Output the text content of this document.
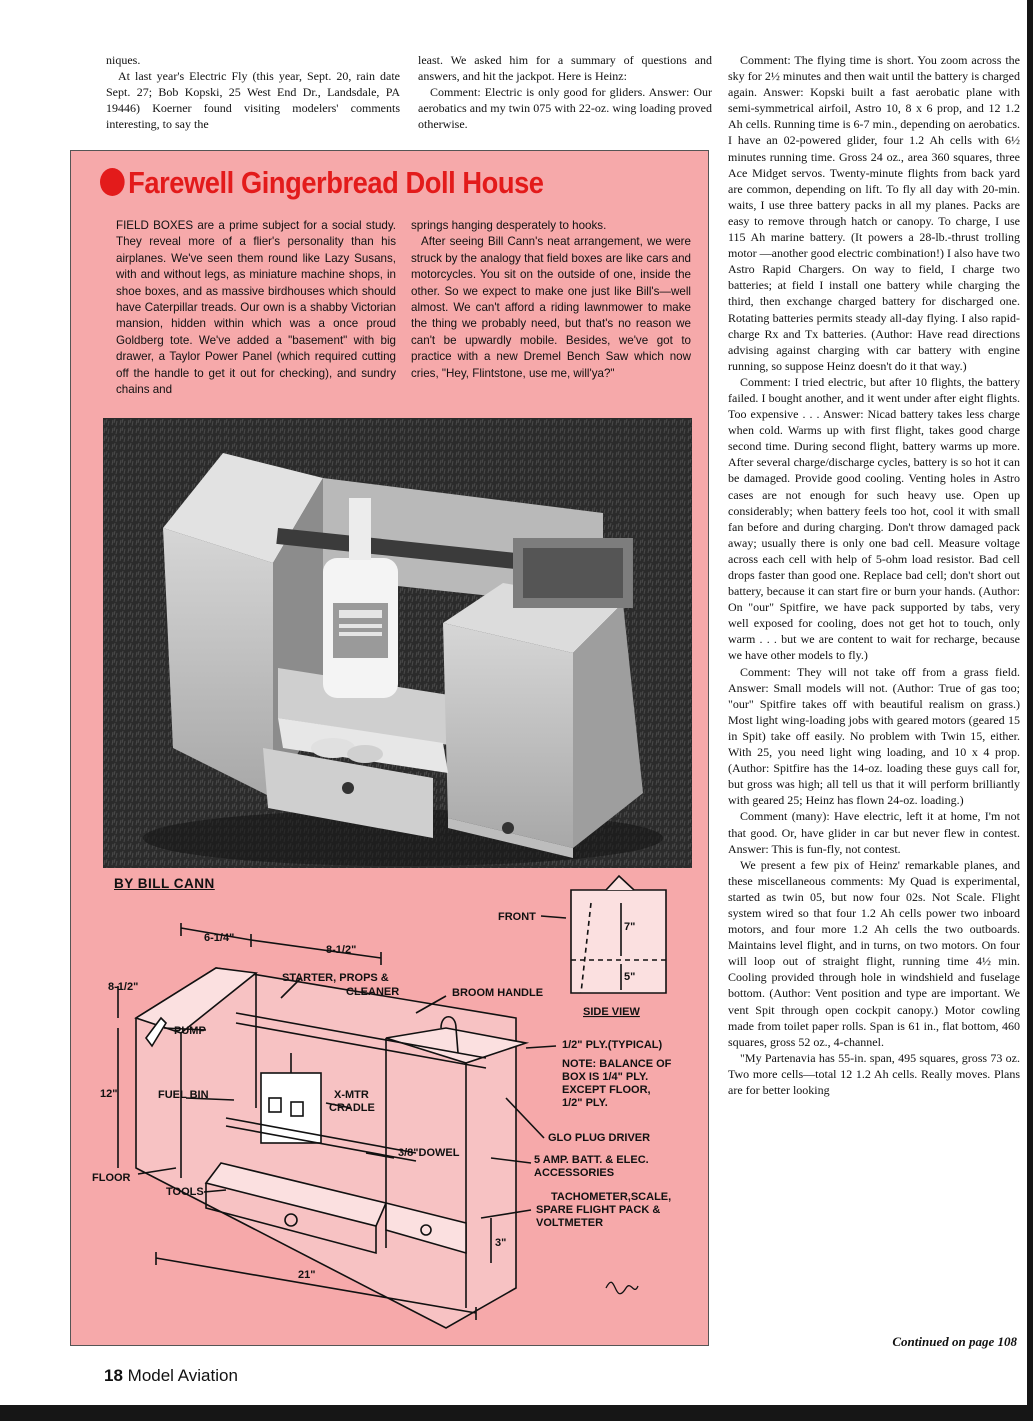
niques.

At last year's Electric Fly (this year, Sept. 20, rain date Sept. 27; Bob Kopski, 25 West End Dr., Landsdale, PA 19446) Koerner found visiting modelers' comments interesting, to say the

least. We asked him for a summary of questions and answers, and hit the jackpot. Here is Heinz:

Comment: Electric is only good for gliders. Answer: Our aerobatics and my twin 075 with 22-oz. wing loading proved otherwise.

Comment: The flying time is short. You zoom across the sky for 2½ minutes and then wait until the battery is charged again. Answer: Kopski built a fast aerobatic plane with semi-symmetrical airfoil, Astro 10, 8 x 6 prop, and 12 1.2 Ah cells. Running time is 6-7 min., depending on aerobatics. I have an 02-powered glider, four 1.2 Ah cells with 6½ minutes running time. Gross 24 oz., area 360 squares, three Ace Midget servos. Twenty-minute flights from back yard are common, depending on lift. To fly all day with 20-min. waits, I use three battery packs in all my planes. Packs are easy to remove through hatch or canopy. To charge, I use 115 Ah marine battery. (It powers a 28-lb.-thrust trolling motor —another good electric combination!) I also have two Astro Rapid Chargers. On way to field, I charge two batteries; at field I install one battery while charging the third, then exchange charged battery for discharged one. Rotating batteries permits steady all-day flying. I also rapid-charge Rx and Tx batteries. (Author: Have read directions advising against charging with car battery with engine running, so suppose Heinz doesn't do it that way.)

Comment: I tried electric, but after 10 flights, the battery failed. I bought another, and it went under after eight flights. Too expensive . . . Answer: Nicad battery takes less charge when cold. Warms up with first flight, takes good charge second time. During second flight, battery warms up more. After several charge/discharge cycles, battery is so hot it can be damaged. Provide good cooling. Venting holes in Astro cases are not enough for such heavy use. Open up considerably; when battery feels too hot, cool it with small fan before and during charging. Don't throw damaged pack away; usually there is only one bad cell. Measure voltage across each cell with help of 5-ohm load resistor. Bad cell drops faster than good one. Replace bad cell; don't short out battery, because it can start fire or burn your hands. (Author: On "our" Spitfire, we have pack supported by tabs, very well exposed for cooling, does not get hot to touch, only warm . . . but we are content to wait for recharge, because we have other models to fly.)

Comment: They will not take off from a grass field. Answer: Small models will not. (Author: True of gas too; "our" Spitfire takes off with beautiful realism on grass.) Most light wing-loading jobs with geared motors (geared 15 in Spit) take off easily. No problem with Twin 15, either. With 25, you need light wing loading, and 10 x 4 prop. (Author: Spitfire has the 14-oz. loading these guys call for, but gross was high; all tell us that it will perform brilliantly with geared 25; Heinz has flown 24-oz. loading.)

Comment (many): Have electric, left it at home, I'm not that good. Or, have glider in car but never flew in contest. Answer: This is fun-fly, not contest.

We present a few pix of Heinz' remarkable planes, and these miscellaneous comments: My Quad is experimental, started as twin 05, but now four 02s. Not Scale. Flight system wired so that four 1.2 Ah cells power two inboard motors, and four more 1.2 Ah cells the two outboards. Maintains level flight, and in turns, on two motors. On four will loop out of straight flight, running time 4½ min. Cooling provided through hole in windshield and fuselage bottom. (Author: Vent position and type are important. We vent Spit through open cockpit canopy.) Motor cowling made from toilet paper rolls. Span is 61 in., flat bottom, 460 squares, gross 52 oz., 4-channel.

"My Partenavia has 55-in. span, 495 squares, gross 73 oz. Two more cells—total 12 1.2 Ah cells. Really moves. Plans are for better looking

Farewell Gingerbread Doll House

FIELD BOXES are a prime subject for a social study. They reveal more of a flier's personality than his airplanes. We've seen them round like Lazy Susans, with and without legs, as miniature machine shops, in shoe boxes, and as massive birdhouses which should have Caterpillar treads. Our own is a shabby Victorian mansion, hidden within which was a once proud Goldberg tote. We've added a "basement" with big drawer, a Taylor Power Panel (which required cutting off the handle to get it out for checking), and sundry chains and

springs hanging desperately to hooks.

After seeing Bill Cann's neat arrangement, we were struck by the analogy that field boxes are like cars and motorcycles. You sit on the outside of one, inside the other. So we expect to make one just like Bill's—well almost. We can't afford a riding lawnmower to make the thing we probably need, but that's no reason we can't be upwardly mobile. Besides, we've got to practice with a new Dremel Bench Saw which now cries, "Hey, Flintstone, use me, will'ya?"

BY BILL CANN
6-1/4"
8-1/2"
8-1/2"
12"
21"
3"
7"
5"
FRONT
SIDE VIEW
STARTER, PROPS &
CLEANER	BROOM HANDLE
PUMP
FUEL BIN	X-MTR
CRADLE
3/8"DOWEL
1/2" PLY.(TYPICAL)
NOTE: BALANCE OF
BOX IS 1/4" PLY.
EXCEPT FLOOR,
1/2" PLY.
GLO PLUG DRIVER
5 AMP. BATT. & ELEC.
ACCESSORIES
TACHOMETER,SCALE,
SPARE FLIGHT PACK &
VOLTMETER
FLOOR
TOOLS
Continued on page 108
18 Model Aviation
